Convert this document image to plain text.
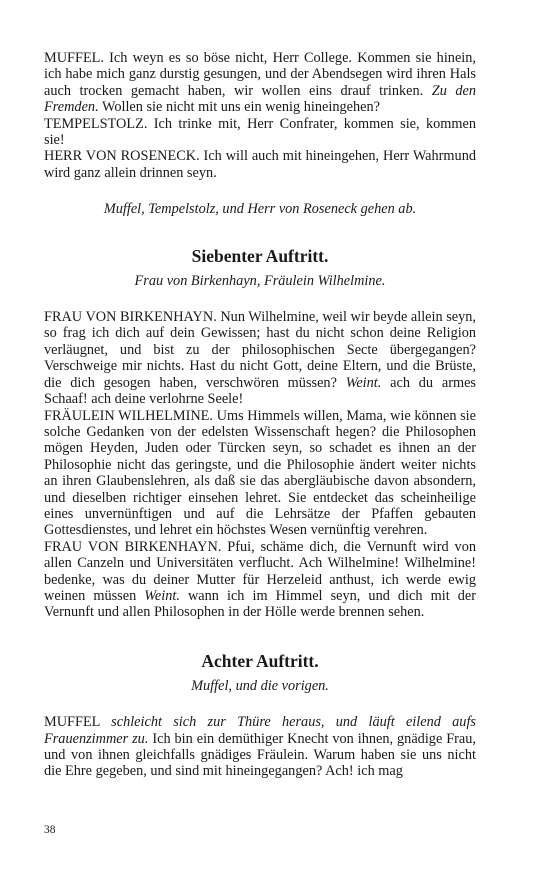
MUFFEL. Ich weyn es so böse nicht, Herr College. Kommen sie hinein, ich habe mich ganz durstig gesungen, und der Abendsegen wird ihren Hals auch trocken gemacht haben, wir wollen eins drauf trinken. Zu den Fremden. Wollen sie nicht mit uns ein wenig hineingehen?

TEMPELSTOLZ. Ich trinke mit, Herr Confrater, kommen sie, kommen sie!

HERR VON ROSENECK. Ich will auch mit hineingehen, Herr Wahrmund wird ganz allein drinnen seyn.

Muffel, Tempelstolz, und Herr von Roseneck gehen ab.

Siebenter Auftritt.
Frau von Birkenhayn, Fräulein Wilhelmine.

FRAU VON BIRKENHAYN. Nun Wilhelmine, weil wir beyde allein seyn, so frag ich dich auf dein Gewissen; hast du nicht schon deine Religion verläugnet, und bist zu der philosophischen Secte übergegangen? Verschweige mir nichts. Hast du nicht Gott, deine Eltern, und die Brüste, die dich gesogen haben, verschwören müssen? Weint. ach du armes Schaaf! ach deine verlohrne Seele!

FRÄULEIN WILHELMINE. Ums Himmels willen, Mama, wie können sie solche Gedanken von der edelsten Wissenschaft hegen? die Philosophen mögen Heyden, Juden oder Türcken seyn, so schadet es ihnen an der Philosophie nicht das geringste, und die Philosophie ändert weiter nichts an ihren Glaubenslehren, als daß sie das abergläubische davon absondern, und dieselben richtiger einsehen lehret. Sie entdecket das scheinheilige eines unvernünftigen und auf die Lehrsätze der Pfaffen gebauten Gottesdienstes, und lehret ein höchstes Wesen vernünftig verehren.

FRAU VON BIRKENHAYN. Pfui, schäme dich, die Vernunft wird von allen Canzeln und Universitäten verflucht. Ach Wilhelmine! Wilhelmine! bedenke, was du deiner Mutter für Herzeleid anthust, ich werde ewig weinen müssen Weint. wann ich im Himmel seyn, und dich mit der Vernunft und allen Philosophen in der Hölle werde brennen sehen.

Achter Auftritt.
Muffel, und die vorigen.

MUFFEL schleicht sich zur Thüre heraus, und läuft eilend aufs Frauenzimmer zu. Ich bin ein demüthiger Knecht von ihnen, gnädige Frau, und von ihnen gleichfalls gnädiges Fräulein. Warum haben sie uns nicht die Ehre gegeben, und sind mit hineingegangen? Ach! ich mag

38
